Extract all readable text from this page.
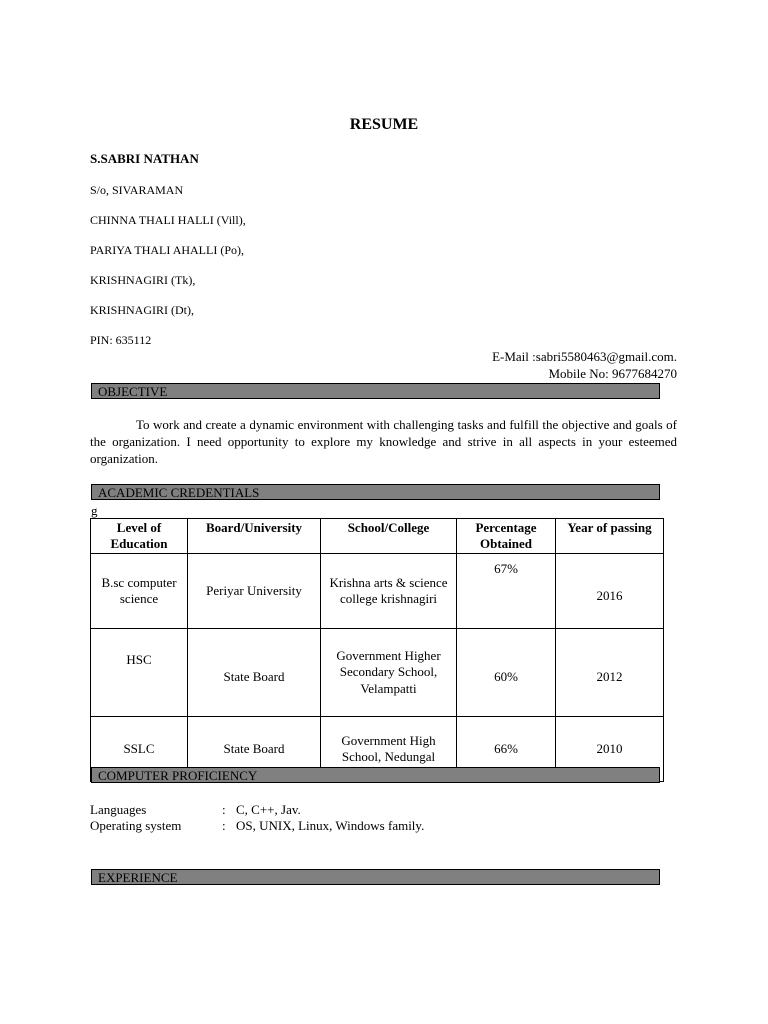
RESUME
S.SABRI NATHAN
S/o, SIVARAMAN
CHINNA THALI HALLI (Vill),
PARIYA THALI AHALLI (Po),
KRISHNAGIRI (Tk),
KRISHNAGIRI (Dt),
PIN: 635112
E-Mail :sabri5580463@gmail.com.
Mobile No: 9677684270
OBJECTIVE
To work and create a dynamic environment with challenging tasks and fulfill the objective and goals of the organization. I need opportunity to explore my knowledge and strive in all aspects in your esteemed organization.
ACADEMIC CREDENTIALS
g
Level of Education	Board/University	School/College	Percentage Obtained	Year of passing
B.sc computer science	Periyar University	Krishna arts & science college krishnagiri	67%	2016
HSC	State Board	Government Higher Secondary School, Velampatti	60%	2012
SSLC	State Board	Government High School, Nedungal	66%	2010
COMPUTER PROFICIENCY
Languages	: C, C++, Jav.
Operating system	: OS, UNIX, Linux, Windows family.
EXPERIENCE
